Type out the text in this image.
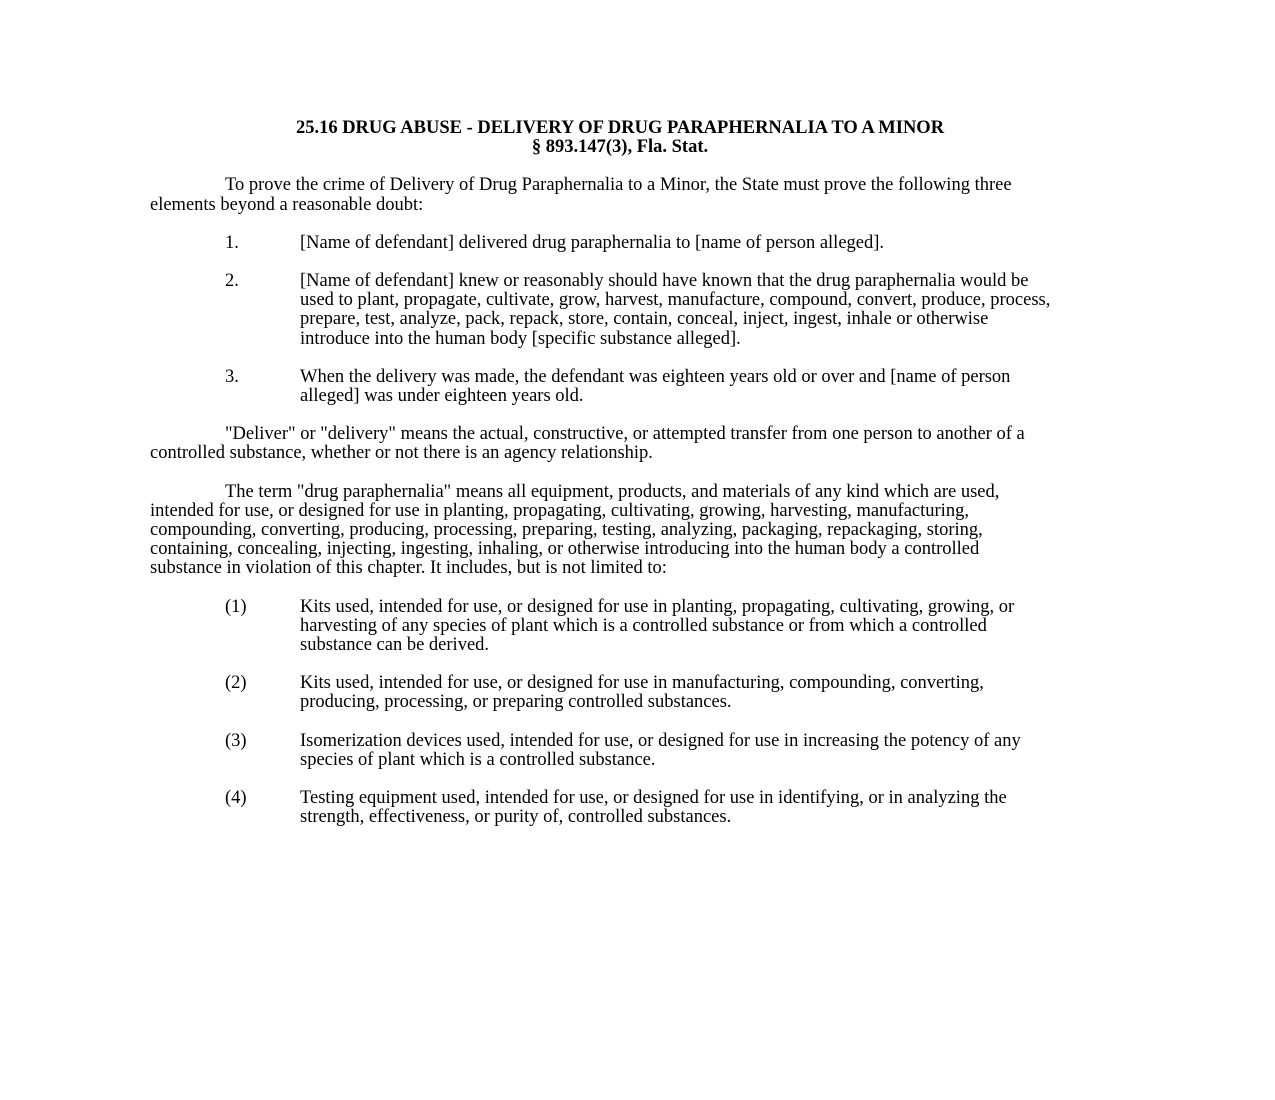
25.16 DRUG ABUSE - DELIVERY OF DRUG PARAPHERNALIA TO A MINOR
§ 893.147(3), Fla. Stat.

To prove the crime of Delivery of Drug Paraphernalia to a Minor, the State must prove the following three elements beyond a reasonable doubt:

1.	[Name of defendant] delivered drug paraphernalia to [name of person alleged].

2.	[Name of defendant] knew or reasonably should have known that the drug paraphernalia would be used to plant, propagate, cultivate, grow, harvest, manufacture, compound, convert, produce, process, prepare, test, analyze, pack, repack, store, contain, conceal, inject, ingest, inhale or otherwise introduce into the human body [specific substance alleged].
3.	When the delivery was made, the defendant was eighteen years old or over and [name of person alleged] was under eighteen years old.

"Deliver" or "delivery" means the actual, constructive, or attempted transfer from one person to another of a controlled substance, whether or not there is an agency relationship.

The term "drug paraphernalia" means all equipment, products, and materials of any kind which are used, intended for use, or designed for use in planting, propagating, cultivating, growing, harvesting, manufacturing, compounding, converting, producing, processing, preparing, testing, analyzing, packaging, repackaging, storing, containing, concealing, injecting, ingesting, inhaling, or otherwise introducing into the human body a controlled substance in violation of this chapter. It includes, but is not limited to:

(1)	Kits used, intended for use, or designed for use in planting, propagating, cultivating, growing, or harvesting of any species of plant which is a controlled substance or from which a controlled substance can be derived.
(2)	Kits used, intended for use, or designed for use in manufacturing, compounding, converting, producing, processing, or preparing controlled substances.
(3)	Isomerization devices used, intended for use, or designed for use in increasing the potency of any species of plant which is a controlled substance.
(4)	Testing equipment used, intended for use, or designed for use in identifying, or in analyzing the strength, effectiveness, or purity of, controlled substances.
